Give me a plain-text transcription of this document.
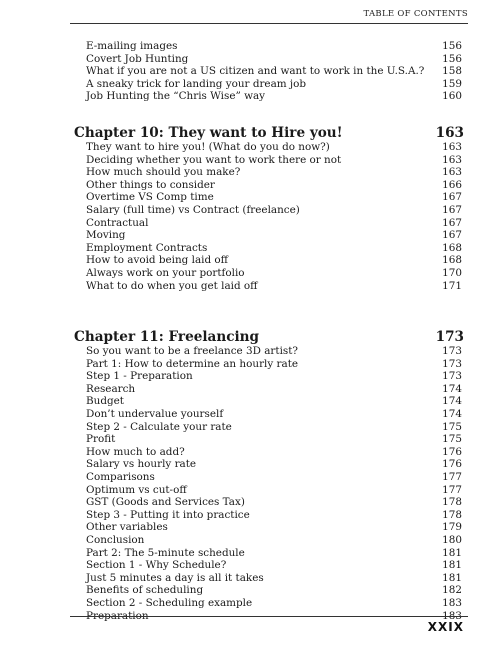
TABLE OF CONTENTS
E-mailing images	156
Covert Job Hunting	156
What if you are not a US citizen and want to work in the U.S.A.? 158
A sneaky trick for landing your dream job	159
Job Hunting the “Chris Wise” way	160
Chapter 10: They want to Hire you!	163
They want to hire you! (What do you do now?)	163
Deciding whether you want to work there or not	163
How much should you make?	163
Other things to consider	166
Overtime VS Comp time	167
Salary (full time) vs Contract (freelance)	167
Contractual	167
Moving	167
Employment Contracts	168
How to avoid being laid off	168
Always work on your portfolio	170
What to do when you get laid off	171
Chapter 11: Freelancing	173
So you want to be a freelance 3D artist?	173
Part 1: How to determine an hourly rate	173
Step 1 - Preparation	173
Research	174
Budget	174
Don’t undervalue yourself	174
Step 2 - Calculate your rate	175
Profit	175
How much to add?	176
Salary vs hourly rate	176
Comparisons	177
Optimum vs cut-off	177
GST (Goods and Services Tax)	178
Step 3 - Putting it into practice	178
Other variables	179
Conclusion	180
Part 2: The 5-minute schedule	181
Section 1 - Why Schedule?	181
Just 5 minutes a day is all it takes	181
Benefits of scheduling	182
Section 2 - Scheduling example	183
Preparation	183
XXIX
